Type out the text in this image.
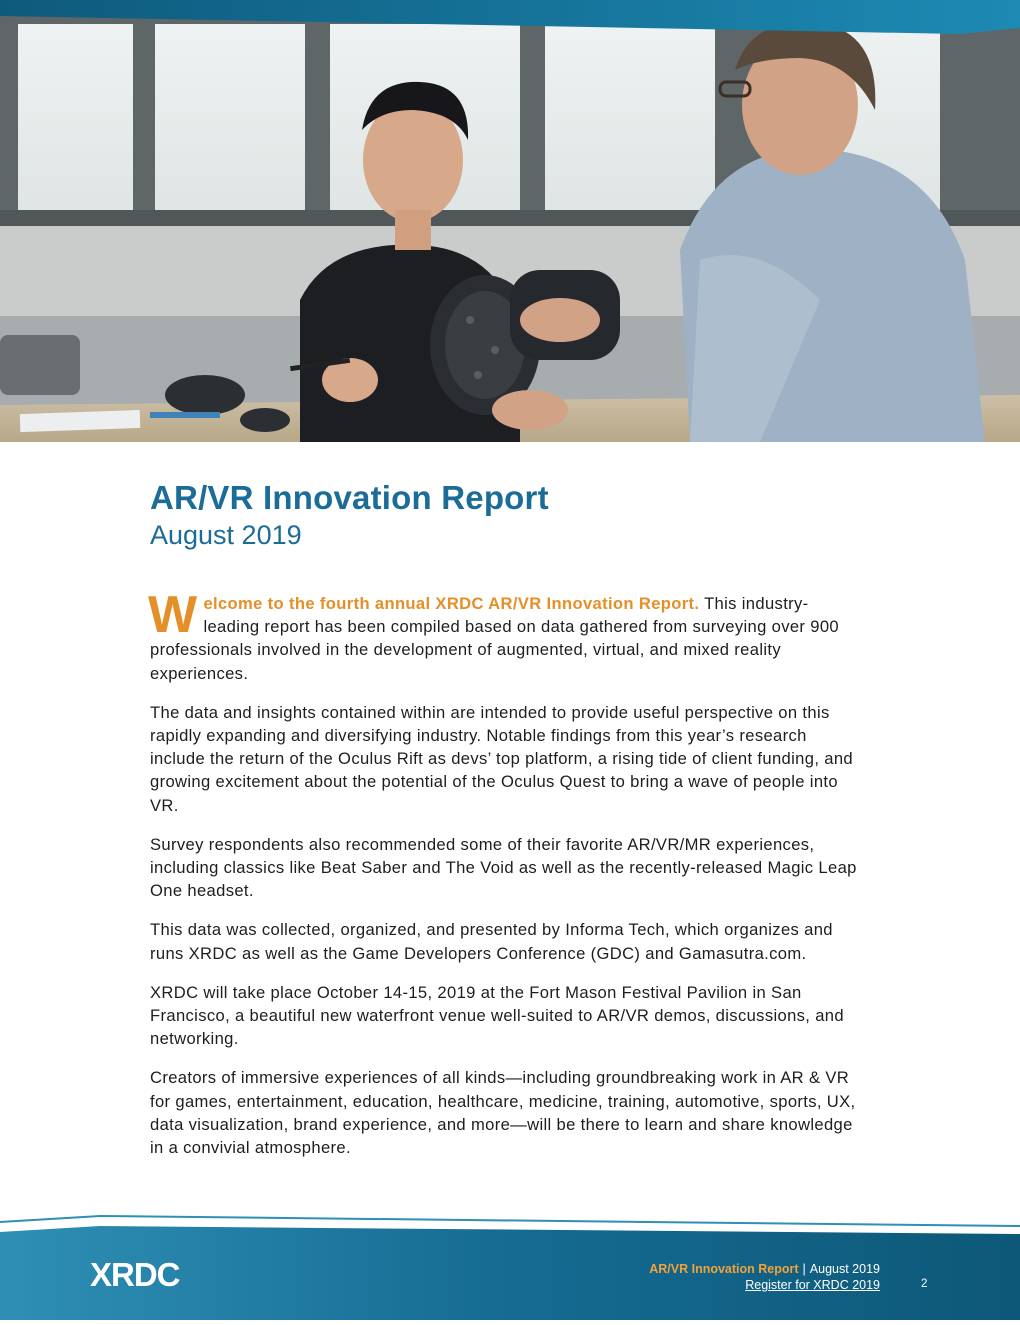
AR/VR Innovation Report
August 2019

Welcome to the fourth annual XRDC AR/VR Innovation Report. This industry-leading report has been compiled based on data gathered from surveying over 900 professionals involved in the development of augmented, virtual, and mixed reality experiences.

The data and insights contained within are intended to provide useful perspective on this rapidly expanding and diversifying industry. Notable findings from this year’s research include the return of the Oculus Rift as devs’ top platform, a rising tide of client funding, and growing excitement about the potential of the Oculus Quest to bring a wave of people into VR.

Survey respondents also recommended some of their favorite AR/VR/MR experiences, including classics like Beat Saber and The Void as well as the recently-released Magic Leap One headset.

This data was collected, organized, and presented by Informa Tech, which organizes and runs XRDC as well as the Game Developers Conference (GDC) and Gamasutra.com.

XRDC will take place October 14-15, 2019 at the Fort Mason Festival Pavilion in San Francisco, a beautiful new waterfront venue well-suited to AR/VR demos, discussions, and networking.

Creators of immersive experiences of all kinds—including groundbreaking work in AR & VR for games, entertainment, education, healthcare, medicine, training, automotive, sports, UX, data visualization, brand experience, and more—will be there to learn and share knowledge in a convivial atmosphere.

XRDC	AR/VR Innovation Report | August 2019
Register for XRDC 2019	2
